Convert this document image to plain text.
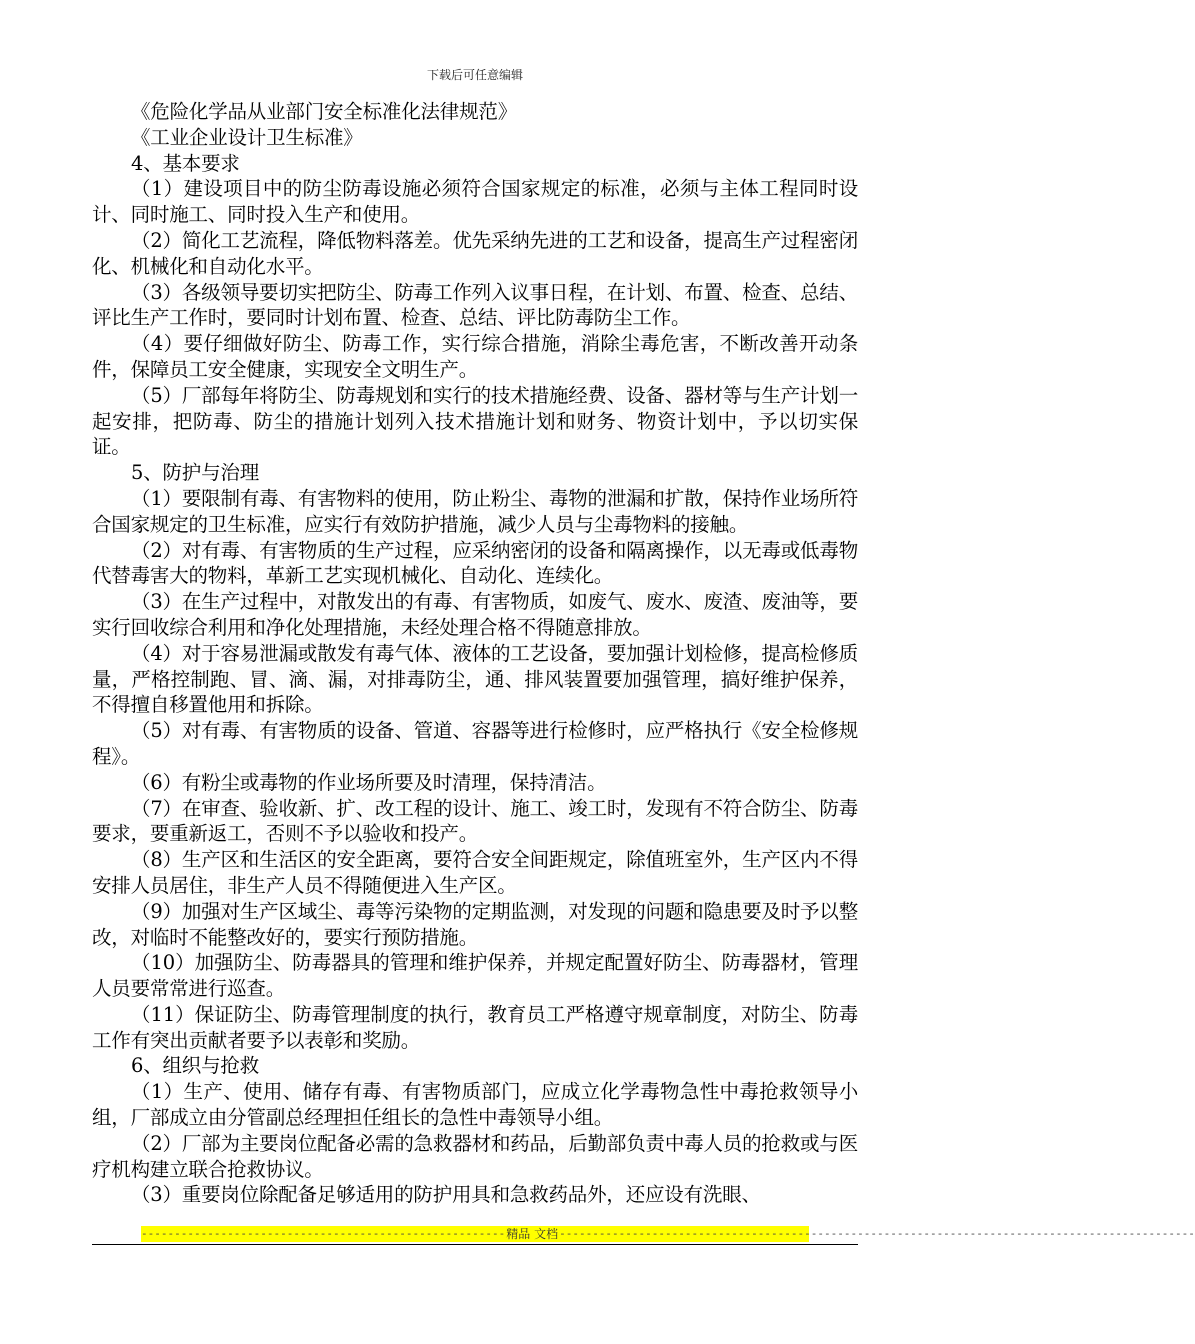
下载后可任意编辑

《危险化学品从业部门安全标准化法律规范》

《工业企业设计卫生标准》

4、基本要求

（1）建设项目中的防尘防毒设施必须符合国家规定的标准，必须与主体工程同时设计、同时施工、同时投入生产和使用。

（2）简化工艺流程，降低物料落差。优先采纳先进的工艺和设备，提高生产过程密闭化、机械化和自动化水平。

（3）各级领导要切实把防尘、防毒工作列入议事日程，在计划、布置、检查、总结、评比生产工作时，要同时计划布置、检查、总结、评比防毒防尘工作。

（4）要仔细做好防尘、防毒工作，实行综合措施，消除尘毒危害，不断改善开动条件，保障员工安全健康，实现安全文明生产。

（5）厂部每年将防尘、防毒规划和实行的技术措施经费、设备、器材等与生产计划一起安排，把防毒、防尘的措施计划列入技术措施计划和财务、物资计划中，予以切实保证。

5、防护与治理

（1）要限制有毒、有害物料的使用，防止粉尘、毒物的泄漏和扩散，保持作业场所符合国家规定的卫生标准，应实行有效防护措施，减少人员与尘毒物料的接触。

（2）对有毒、有害物质的生产过程，应采纳密闭的设备和隔离操作，以无毒或低毒物代替毒害大的物料，革新工艺实现机械化、自动化、连续化。

（3）在生产过程中，对散发出的有毒、有害物质，如废气、废水、废渣、废油等，要实行回收综合利用和净化处理措施，未经处理合格不得随意排放。

（4）对于容易泄漏或散发有毒气体、液体的工艺设备，要加强计划检修，提高检修质量，严格控制跑、冒、滴、漏，对排毒防尘，通、排风装置要加强管理，搞好维护保养，不得擅自移置他用和拆除。

（5）对有毒、有害物质的设备、管道、容器等进行检修时，应严格执行《安全检修规程》。

（6）有粉尘或毒物的作业场所要及时清理，保持清洁。

（7）在审查、验收新、扩、改工程的设计、施工、竣工时，发现有不符合防尘、防毒要求，要重新返工，否则不予以验收和投产。

（8）生产区和生活区的安全距离，要符合安全间距规定，除值班室外，生产区内不得安排人员居住，非生产人员不得随便进入生产区。

（9）加强对生产区域尘、毒等污染物的定期监测，对发现的问题和隐患要及时予以整改，对临时不能整改好的，要实行预防措施。

（10）加强防尘、防毒器具的管理和维护保养，并规定配置好防尘、防毒器材，管理人员要常常进行巡查。

（11）保证防尘、防毒管理制度的执行，教育员工严格遵守规章制度，对防尘、防毒工作有突出贡献者要予以表彰和奖励。

6、组织与抢救

（1）生产、使用、储存有毒、有害物质部门，应成立化学毒物急性中毒抢救领导小组，厂部成立由分管副总经理担任组长的急性中毒领导小组。

（2）厂部为主要岗位配备必需的急救器材和药品，后勤部负责中毒人员的抢救或与医疗机构建立联合抢救协议。

（3）重要岗位除配备足够适用的防护用具和急救药品外，还应设有洗眼、

------------------------------------------------------- 精品 文档 ------------------------------------------------------------------------------------------------
